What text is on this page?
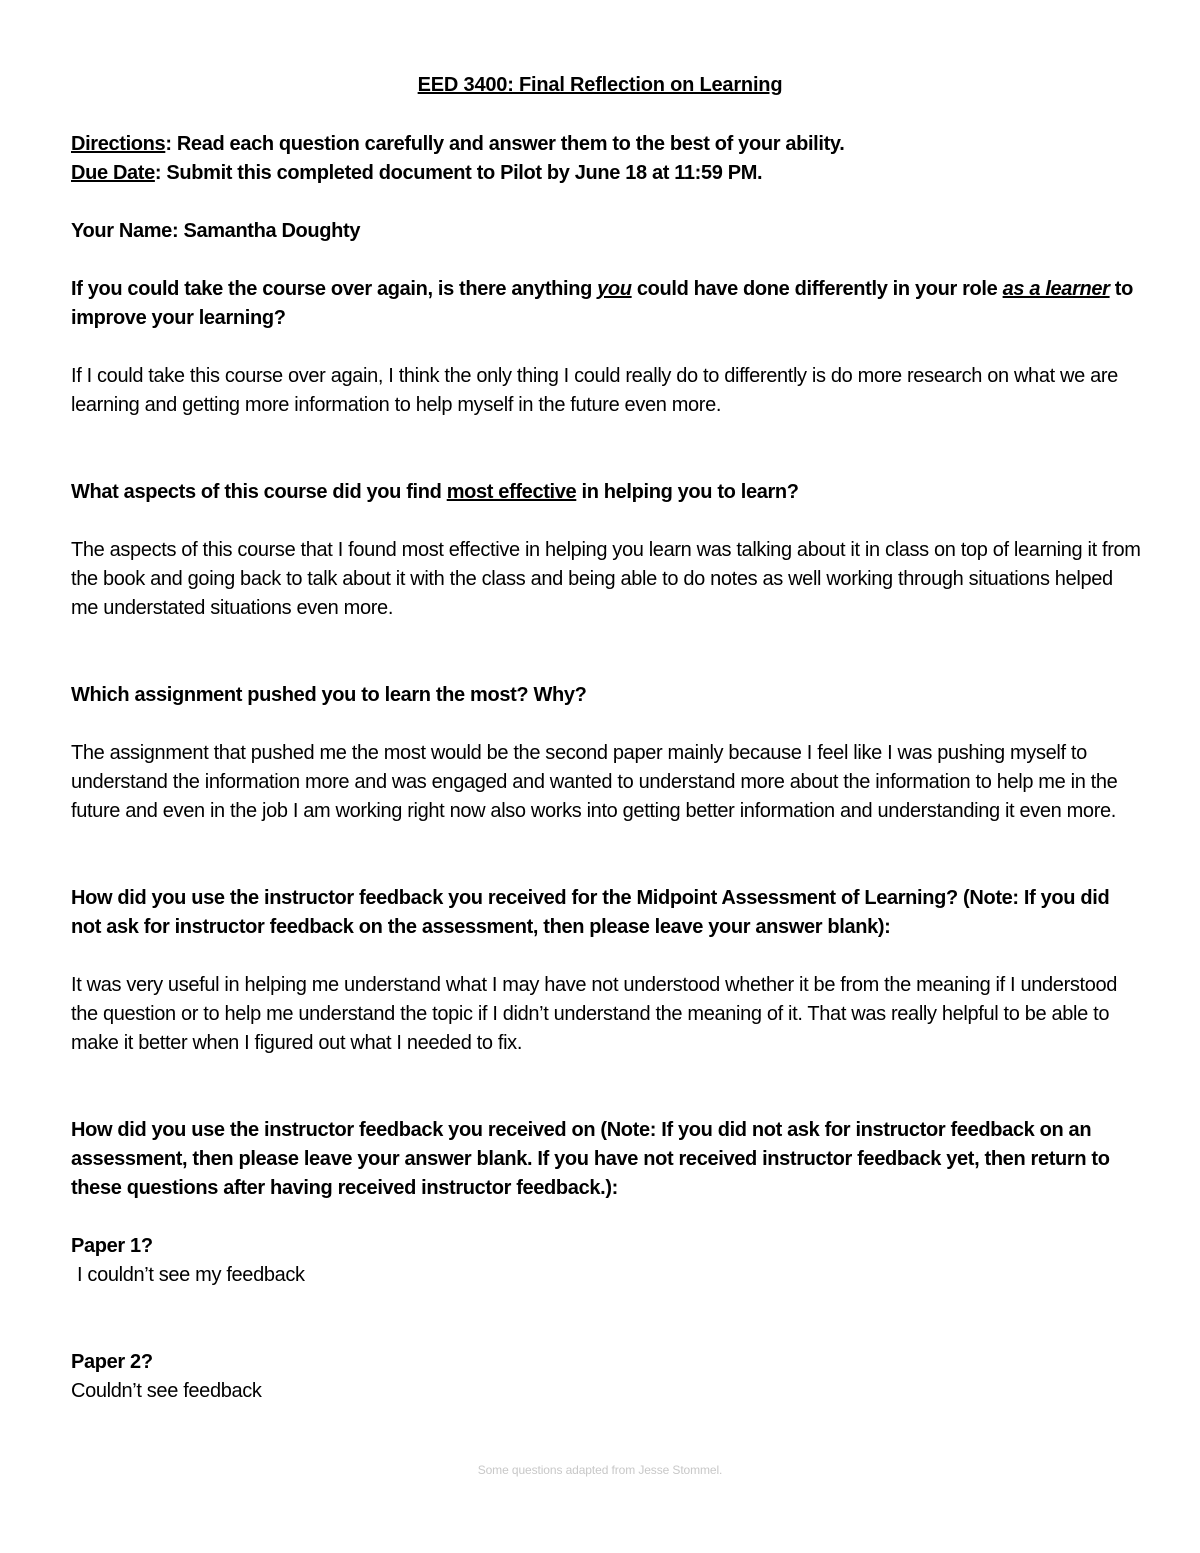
EED 3400: Final Reflection on Learning

Directions: Read each question carefully and answer them to the best of your ability.

Due Date: Submit this completed document to Pilot by June 18 at 11:59 PM.

Your Name: Samantha Doughty

If you could take the course over again, is there anything you could have done differently in your role as a learner to improve your learning?

If I could take this course over again, I think the only thing I could really do to differently is do more research on what we are learning and getting more information to help myself in the future even more.

What aspects of this course did you find most effective in helping you to learn?

The aspects of this course that I found most effective in helping you learn was talking about it in class on top of learning it from the book and going back to talk about it with the class and being able to do notes as well working through situations helped me understated situations even more.

Which assignment pushed you to learn the most? Why?

The assignment that pushed me the most would be the second paper mainly because I feel like I was pushing myself to understand the information more and was engaged and wanted to understand more about the information to help me in the future and even in the job I am working right now also works into getting better information and understanding it even more.

How did you use the instructor feedback you received for the Midpoint Assessment of Learning? (Note: If you did not ask for instructor feedback on the assessment, then please leave your answer blank):

It was very useful in helping me understand what I may have not understood whether it be from the meaning if I understood the question or to help me understand the topic if I didn’t understand the meaning of it. That was really helpful to be able to make it better when I figured out what I needed to fix.

How did you use the instructor feedback you received on (Note: If you did not ask for instructor feedback on an assessment, then please leave your answer blank. If you have not received instructor feedback yet, then return to these questions after having received instructor feedback.):

Paper 1?

I couldn’t see my feedback

Paper 2?

Couldn’t see feedback

Some questions adapted from Jesse Stommel.
